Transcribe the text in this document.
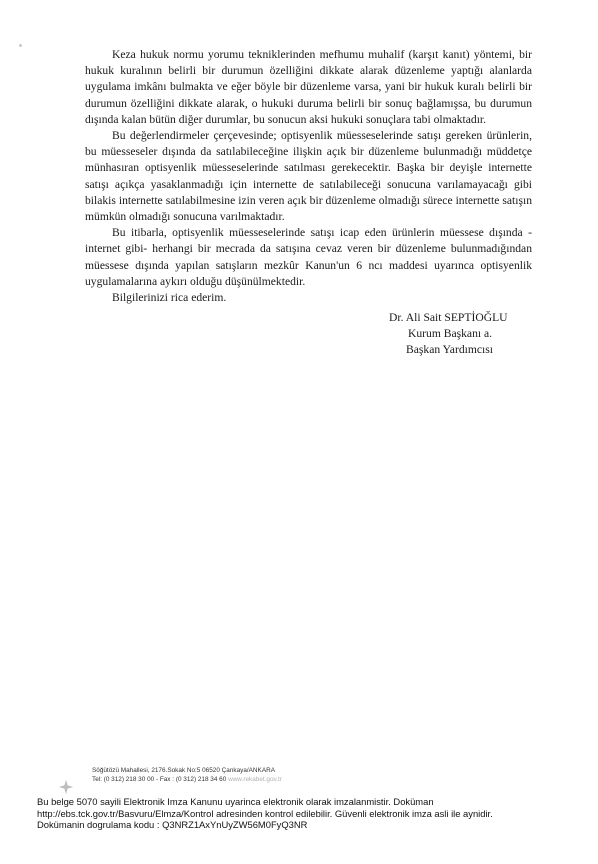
Keza hukuk normu yorumu tekniklerinden mefhumu muhalif (karşıt kanıt) yöntemi, bir hukuk kuralının belirli bir durumun özelliğini dikkate alarak düzenleme yaptığı alanlarda uygulama imkânı bulmakta ve eğer böyle bir düzenleme varsa, yani bir hukuk kuralı belirli bir durumun özelliğini dikkate alarak, o hukuki duruma belirli bir sonuç bağlamışsa, bu durumun dışında kalan bütün diğer durumlar, bu sonucun aksi hukuki sonuçlara tabi olmaktadır.

Bu değerlendirmeler çerçevesinde; optisyenlik müesseselerinde satışı gereken ürünlerin, bu müesseseler dışında da satılabileceğine ilişkin açık bir düzenleme bulunmadığı müddetçe münhasıran optisyenlik müesseselerinde satılması gerekecektir. Başka bir deyişle internette satışı açıkça yasaklanmadığı için internette de satılabileceği sonucuna varılamayacağı gibi bilakis internette satılabilmesine izin veren açık bir düzenleme olmadığı sürece internette satışın mümkün olmadığı sonucuna varılmaktadır.

Bu itibarla, optisyenlik müesseselerinde satışı icap eden ürünlerin müessese dışında - internet gibi- herhangi bir mecrada da satışına cevaz veren bir düzenleme bulunmadığından müessese dışında yapılan satışların mezkûr Kanun'un 6 ncı maddesi uyarınca optisyenlik uygulamalarına aykırı olduğu düşünülmektedir.

Bilgilerinizi rica ederim.

Dr. Ali Sait SEPTİOĞLU
Kurum Başkanı a.
Başkan Yardımcısı
Söğütözü Mahallesi, 2176.Sokak No:5 06520 Çankaya/ANKARA
Tel: (0 312) 218 30 00 - Fax : (0 312) 218 34 60 www.rekabet.gov.tr
Bu belge 5070 sayili Elektronik Imza Kanunu uyarinca elektronik olarak imzalanmistir. Doküman
http://ebs.tck.gov.tr/Basvuru/Elmza/Kontrol adresinden kontrol edilebilir. Güvenli elektronik imza asli ile aynidir.
Dokümanin dogrulama kodu : Q3NRZ1AxYnUyZW56M0FyQ3NR
